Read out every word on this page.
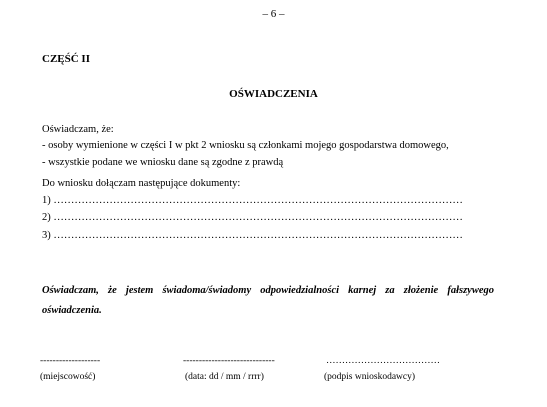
– 6 –
CZĘŚĆ II
OŚWIADCZENIA
Oświadczam, że:
- osoby wymienione w części I w pkt 2 wniosku są członkami mojego gospodarstwa domowego,
- wszystkie podane we wniosku dane są zgodne z prawdą
Do wniosku dołączam następujące dokumenty:
1) ………………………………………………………………………………………………………
2) ………………………………………………………………………………………………………
3) ………………………………………………………………………………………………………
Oświadczam, że jestem świadoma/świadomy odpowiedzialności karnej za złożenie fałszywego oświadczenia.
-------------------	-----------------------------	………………………………
(miejscowość)	(data: dd / mm / rrrr)	(podpis wnioskodawcy)
